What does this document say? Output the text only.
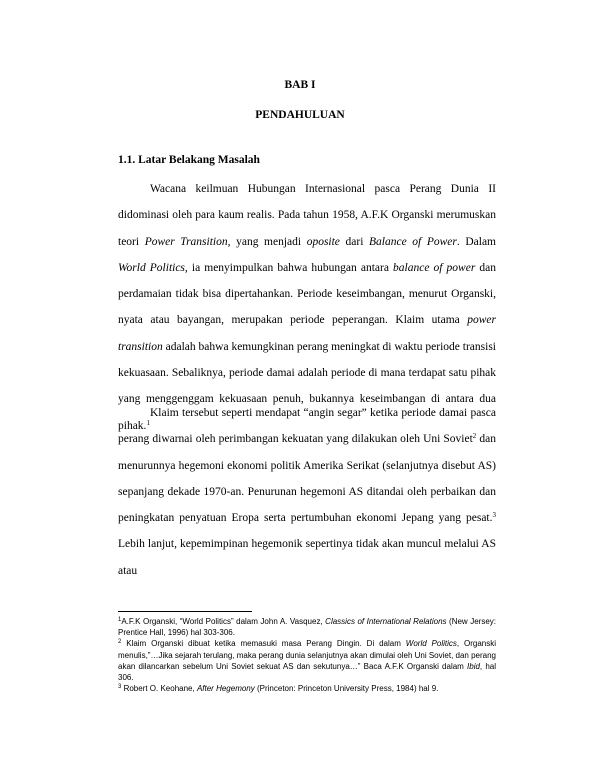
BAB I
PENDAHULUAN
1.1. Latar Belakang Masalah

Wacana keilmuan Hubungan Internasional pasca Perang Dunia II didominasi oleh para kaum realis. Pada tahun 1958, A.F.K Organski merumuskan teori Power Transition, yang menjadi oposite dari Balance of Power. Dalam World Politics, ia menyimpulkan bahwa hubungan antara balance of power dan perdamaian tidak bisa dipertahankan. Periode keseimbangan, menurut Organski, nyata atau bayangan, merupakan periode peperangan. Klaim utama power transition adalah bahwa kemungkinan perang meningkat di waktu periode transisi kekuasaan. Sebaliknya, periode damai adalah periode di mana terdapat satu pihak yang menggenggam kekuasaan penuh, bukannya keseimbangan di antara dua pihak.$^1$

Klaim tersebut seperti mendapat “angin segar” ketika periode damai pasca perang diwarnai oleh perimbangan kekuatan yang dilakukan oleh Uni Soviet$^2$ dan menurunnya hegemoni ekonomi politik Amerika Serikat (selanjutnya disebut AS) sepanjang dekade 1970-an. Penurunan hegemoni AS ditandai oleh perbaikan dan peningkatan penyatuan Eropa serta pertumbuhan ekonomi Jepang yang pesat.$^3$ Lebih lanjut, kepemimpinan hegemonik sepertinya tidak akan muncul melalui AS atau

$^1$A.F.K Organski, “World Politics” dalam John A. Vasquez, Classics of International Relations (New Jersey: Prentice Hall, 1996) hal 303-306.

$^2$ Klaim Organski dibuat ketika memasuki masa Perang Dingin. Di dalam World Politics, Organski menulis,”…Jika sejarah terulang, maka perang dunia selanjutnya akan dimulai oleh Uni Soviet, dan perang akan dilancarkan sebelum Uni Soviet sekuat AS dan sekutunya…” Baca A.F.K Organski dalam Ibid, hal 306.

$^3$ Robert O. Keohane, After Hegemony (Princeton: Princeton University Press, 1984) hal 9.
